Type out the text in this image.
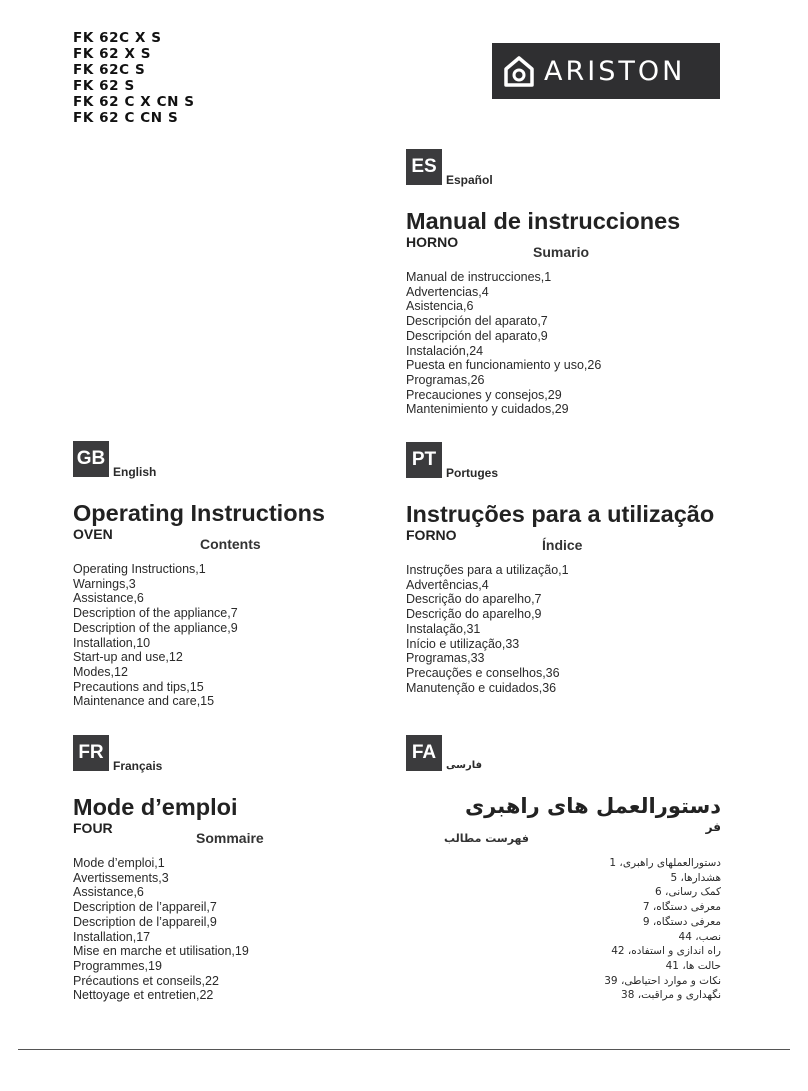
FK 62C X S
FK 62 X S
FK 62C S
FK 62 S
FK 62 C X CN S
FK 62 C CN S
ARISTON
ESEspañol
Manual de instrucciones
HORNO
Sumario
Manual de instrucciones,1
Advertencias,4
Asistencia,6
Descripción del aparato,7
Descripción del aparato,9
Instalación,24
Puesta en funcionamiento y uso,26
Programas,26
Precauciones y consejos,29
Mantenimiento y cuidados,29
GBEnglish
Operating Instructions
OVEN
Contents
Operating Instructions,1
Warnings,3
Assistance,6
Description of the appliance,7
Description of the appliance,9
Installation,10
Start-up and use,12
Modes,12
Precautions and tips,15
Maintenance and care,15
PTPortuges
Instruções para a utilização
FORNO
Índice
Instruções para a utilização,1
Advertências,4
Descrição do aparelho,7
Descrição do aparelho,9
Instalação,31
Início e utilização,33
Programas,33
Precauções e conselhos,36
Manutenção e cuidados,36
FRFrançais
Mode d’emploi
FOUR
Sommaire
Mode d’emploi,1
Avertissements,3
Assistance,6
Description de l’appareil,7
Description de l’appareil,9
Installation,17
Mise en marche et utilisation,19
Programmes,19
Précautions et conseils,22
Nettoyage et entretien,22
FAفارسی
دستورالعمل های راهبری
فر
فهرست مطالب
دستورالعملهای راهبری، 1
هشدارها، 5
کمک رسانی، 6
معرفی دستگاه، 7
معرفی دستگاه، 9
نصب، 44
راه اندازی و استفاده، 42
حالت ها، 41
نکات و موارد احتیاطی، 39
نگهداری و مراقبت، 38
